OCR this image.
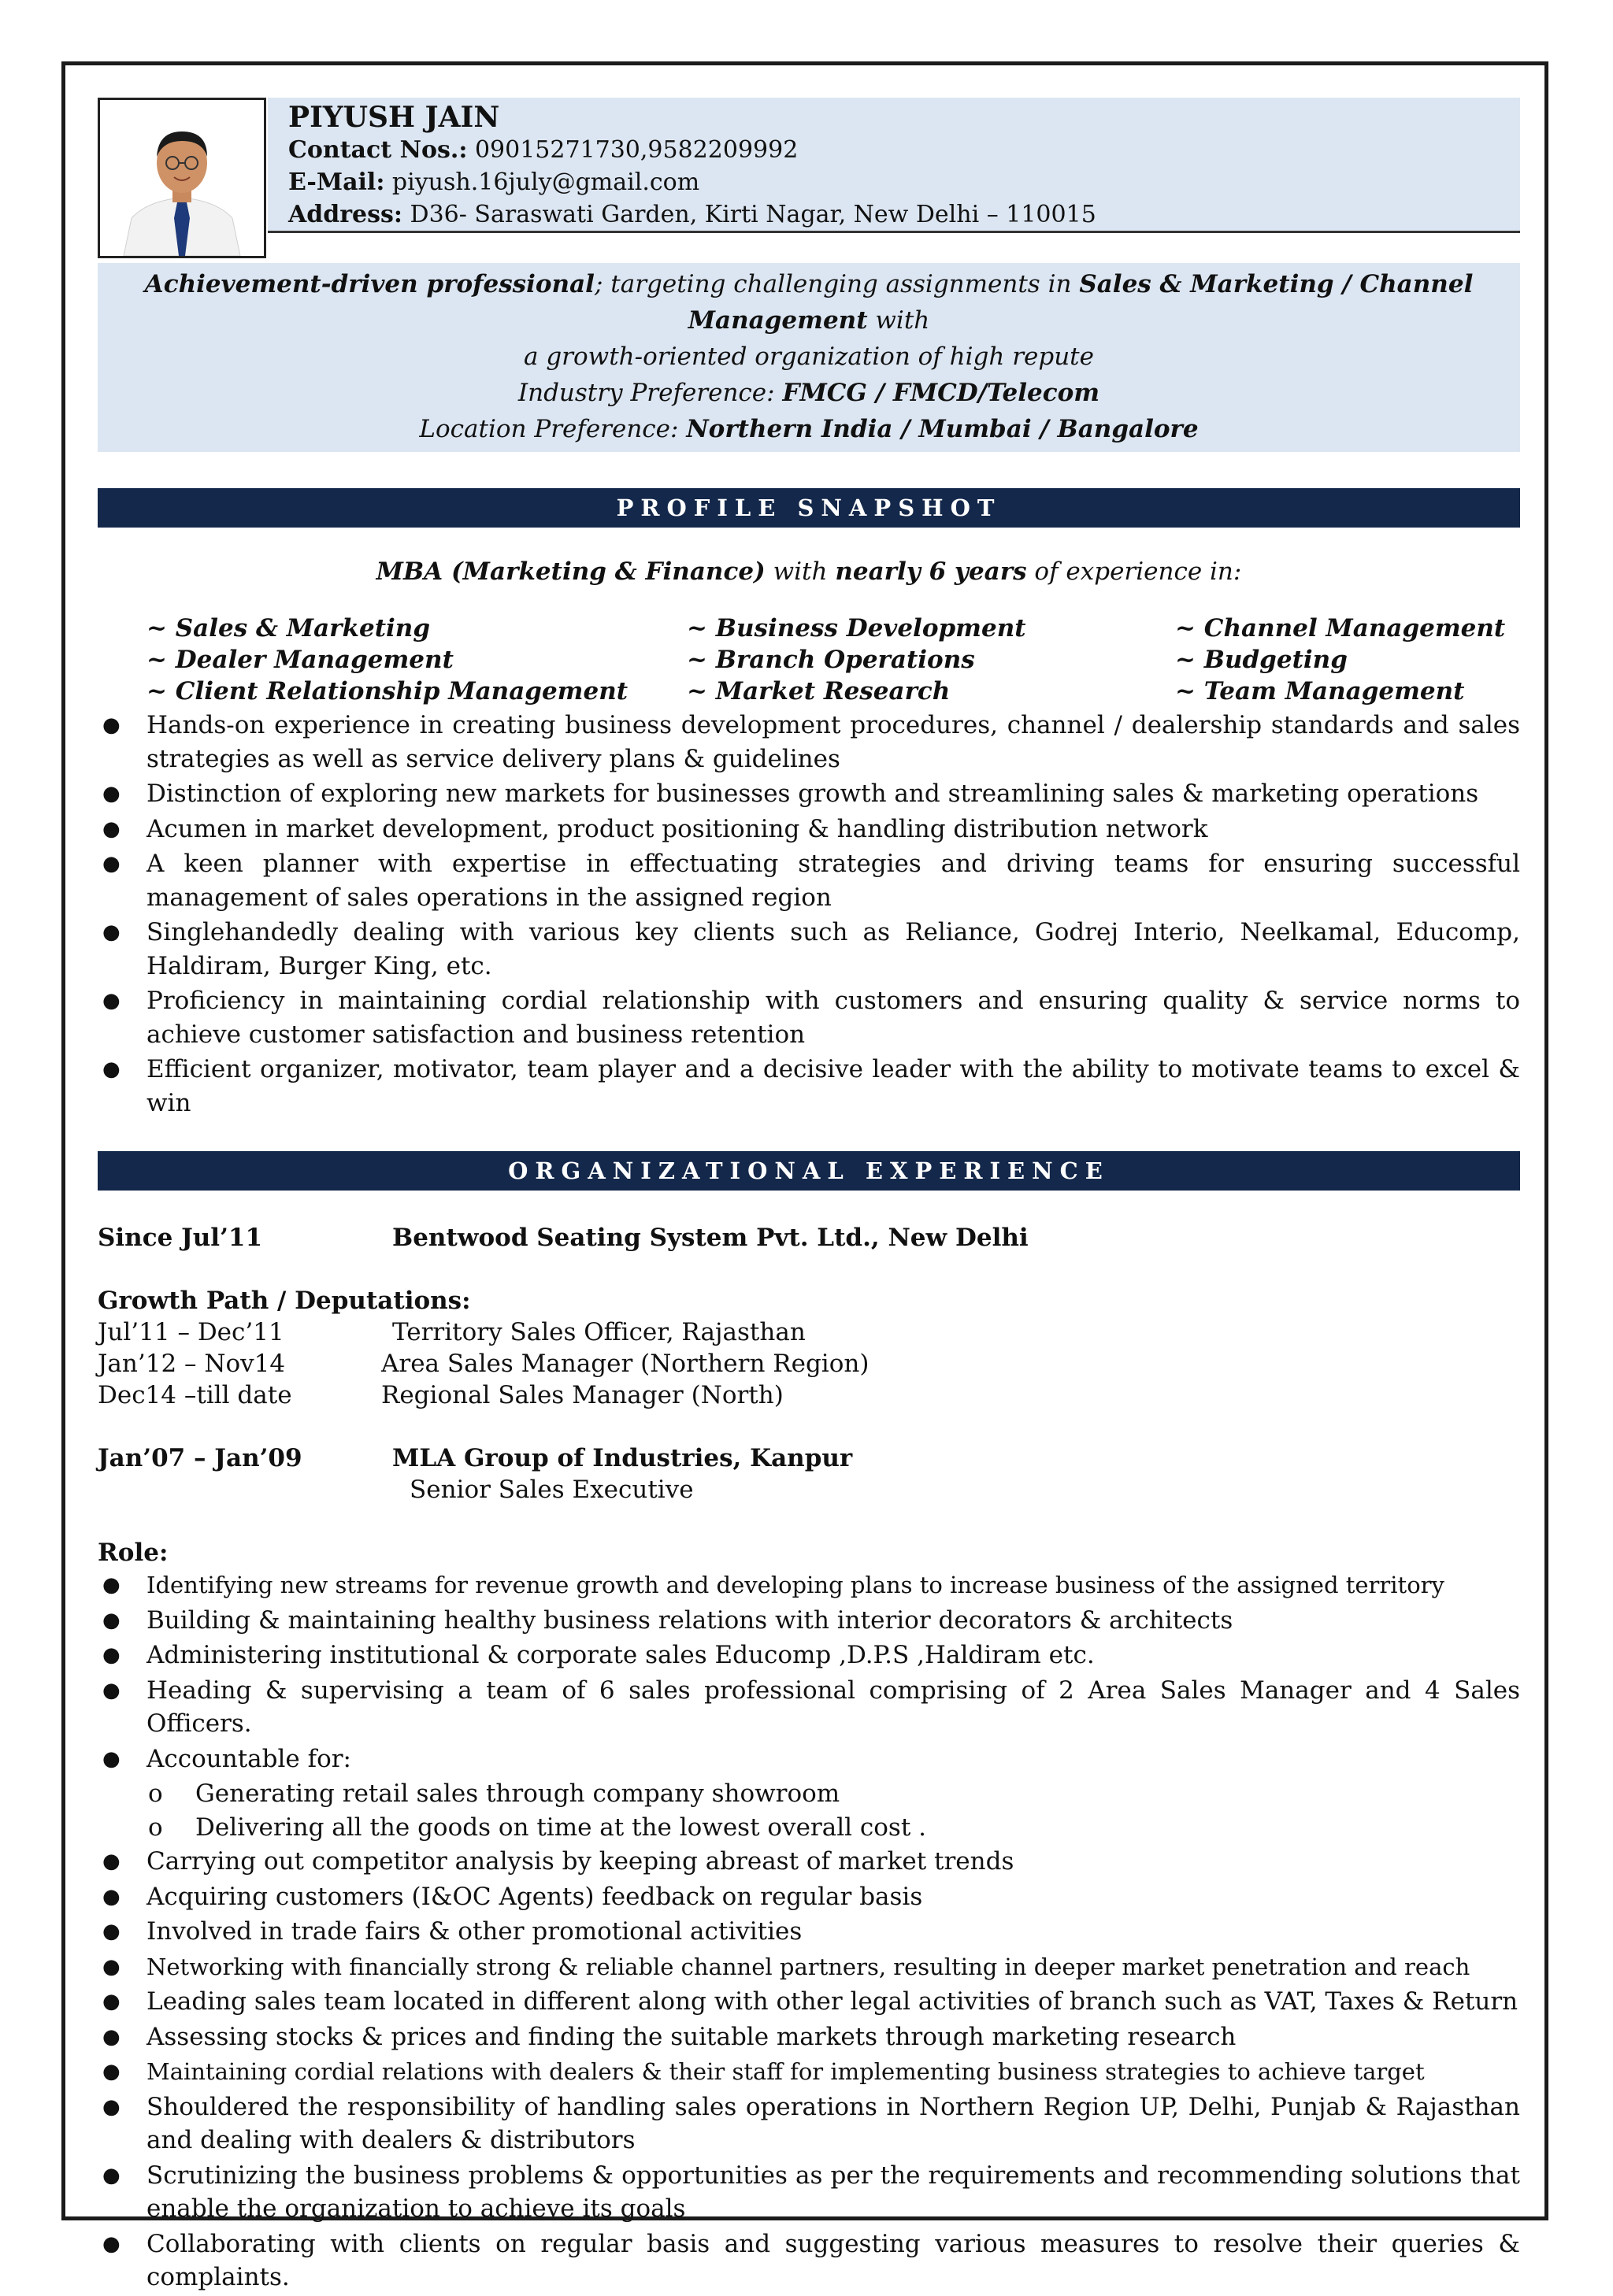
PIYUSH JAIN
Contact Nos.: 09015271730,9582209992
E-Mail: piyush.16july@gmail.com
Address: D36- Saraswati Garden, Kirti Nagar, New Delhi – 110015
Achievement-driven professional; targeting challenging assignments in Sales & Marketing / Channel Management with
a growth-oriented organization of high repute
Industry Preference: FMCG / FMCD/Telecom
Location Preference: Northern India / Mumbai / Bangalore
PROFILE SNAPSHOT
MBA (Marketing & Finance) with nearly 6 years of experience in:
~ Sales & Marketing	~ Business Development	~ Channel Management
~ Dealer Management	~ Branch Operations	~ Budgeting
~ Client Relationship Management	~ Market Research	~ Team Management
● Hands-on experience in creating business development procedures, channel / dealership standards and sales strategies as well as service delivery plans & guidelines
● Distinction of exploring new markets for businesses growth and streamlining sales & marketing operations
● Acumen in market development, product positioning & handling distribution network
● A keen planner with expertise in effectuating strategies and driving teams for ensuring successful management of sales operations in the assigned region
● Singlehandedly dealing with various key clients such as Reliance, Godrej Interio, Neelkamal, Educomp, Haldiram, Burger King, etc.
● Proficiency in maintaining cordial relationship with customers and ensuring quality & service norms to achieve customer satisfaction and business retention
● Efficient organizer, motivator, team player and a decisive leader with the ability to motivate teams to excel & win
ORGANIZATIONAL EXPERIENCE
Since Jul’11	Bentwood Seating System Pvt. Ltd., New Delhi
Growth Path / Deputations:
Jul’11 – Dec’11	Territory Sales Officer, Rajasthan
Jan’12 – Nov14	Area Sales Manager (Northern Region)
Dec14 –till date	Regional Sales Manager (North)
Jan’07 – Jan’09	MLA Group of Industries, Kanpur
Senior Sales Executive
Role:
● Identifying new streams for revenue growth and developing plans to increase business of the assigned territory
● Building & maintaining healthy business relations with interior decorators & architects
● Administering institutional & corporate sales Educomp ,D.P.S ,Haldiram etc.
● Heading & supervising a team of 6 sales professional comprising of 2 Area Sales Manager and 4 Sales Officers.
● Accountable for:
o Generating retail sales through company showroom
o Delivering all the goods on time at the lowest overall cost .
● Carrying out competitor analysis by keeping abreast of market trends
● Acquiring customers (I&OC Agents) feedback on regular basis
● Involved in trade fairs & other promotional activities
● Networking with financially strong & reliable channel partners, resulting in deeper market penetration and reach
● Leading sales team located in different along with other legal activities of branch such as VAT, Taxes & Return
● Assessing stocks & prices and finding the suitable markets through marketing research
● Maintaining cordial relations with dealers & their staff for implementing business strategies to achieve target
● Shouldered the responsibility of handling sales operations in Northern Region UP, Delhi, Punjab & Rajasthan and dealing with dealers & distributors
● Scrutinizing the business problems & opportunities as per the requirements and recommending solutions that enable the organization to achieve its goals
● Collaborating with clients on regular basis and suggesting various measures to resolve their queries & complaints.
